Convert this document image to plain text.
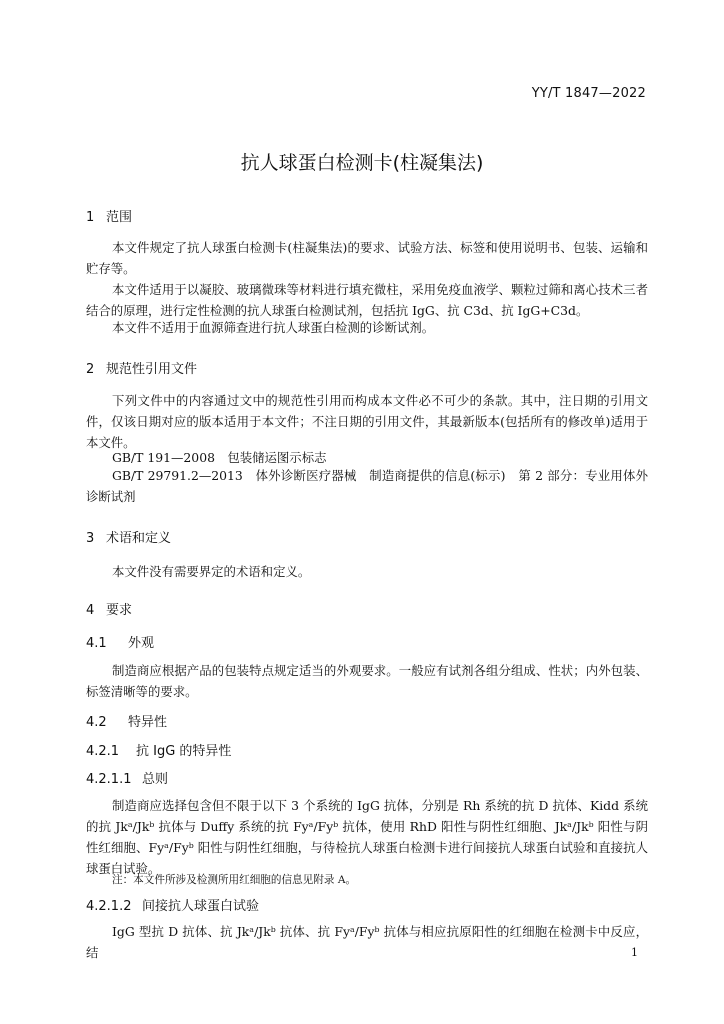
YY/T 1847—2022
抗人球蛋白检测卡(柱凝集法)
1 范围
本文件规定了抗人球蛋白检测卡(柱凝集法)的要求、试验方法、标签和使用说明书、包装、运输和贮存等。
本文件适用于以凝胶、玻璃微珠等材料进行填充微柱，采用免疫血液学、颗粒过筛和离心技术三者结合的原理，进行定性检测的抗人球蛋白检测试剂，包括抗 IgG、抗 C3d、抗 IgG+C3d。
本文件不适用于血源筛查进行抗人球蛋白检测的诊断试剂。
2 规范性引用文件
下列文件中的内容通过文中的规范性引用而构成本文件必不可少的条款。其中，注日期的引用文件，仅该日期对应的版本适用于本文件；不注日期的引用文件，其最新版本(包括所有的修改单)适用于本文件。
GB/T 191—2008　包装储运图示标志
GB/T 29791.2—2013　体外诊断医疗器械　制造商提供的信息(标示)　第 2 部分：专业用体外诊断试剂
3 术语和定义
本文件没有需要界定的术语和定义。
4 要求
4.1 外观
制造商应根据产品的包装特点规定适当的外观要求。一般应有试剂各组分组成、性状；内外包装、标签清晰等的要求。
4.2 特异性
4.2.1 抗 IgG 的特异性
4.2.1.1 总则
制造商应选择包含但不限于以下 3 个系统的 IgG 抗体，分别是 Rh 系统的抗 D 抗体、Kidd 系统的抗 Jkᵃ/Jkᵇ 抗体与 Duffy 系统的抗 Fyᵃ/Fyᵇ 抗体，使用 RhD 阳性与阴性红细胞、Jkᵃ/Jkᵇ 阳性与阴性红细胞、Fyᵃ/Fyᵇ 阳性与阴性红细胞，与待检抗人球蛋白检测卡进行间接抗人球蛋白试验和直接抗人球蛋白试验。
注：本文件所涉及检测所用红细胞的信息见附录 A。
4.2.1.2 间接抗人球蛋白试验
IgG 型抗 D 抗体、抗 Jkᵃ/Jkᵇ 抗体、抗 Fyᵃ/Fyᵇ 抗体与相应抗原阳性的红细胞在检测卡中反应，结	1
